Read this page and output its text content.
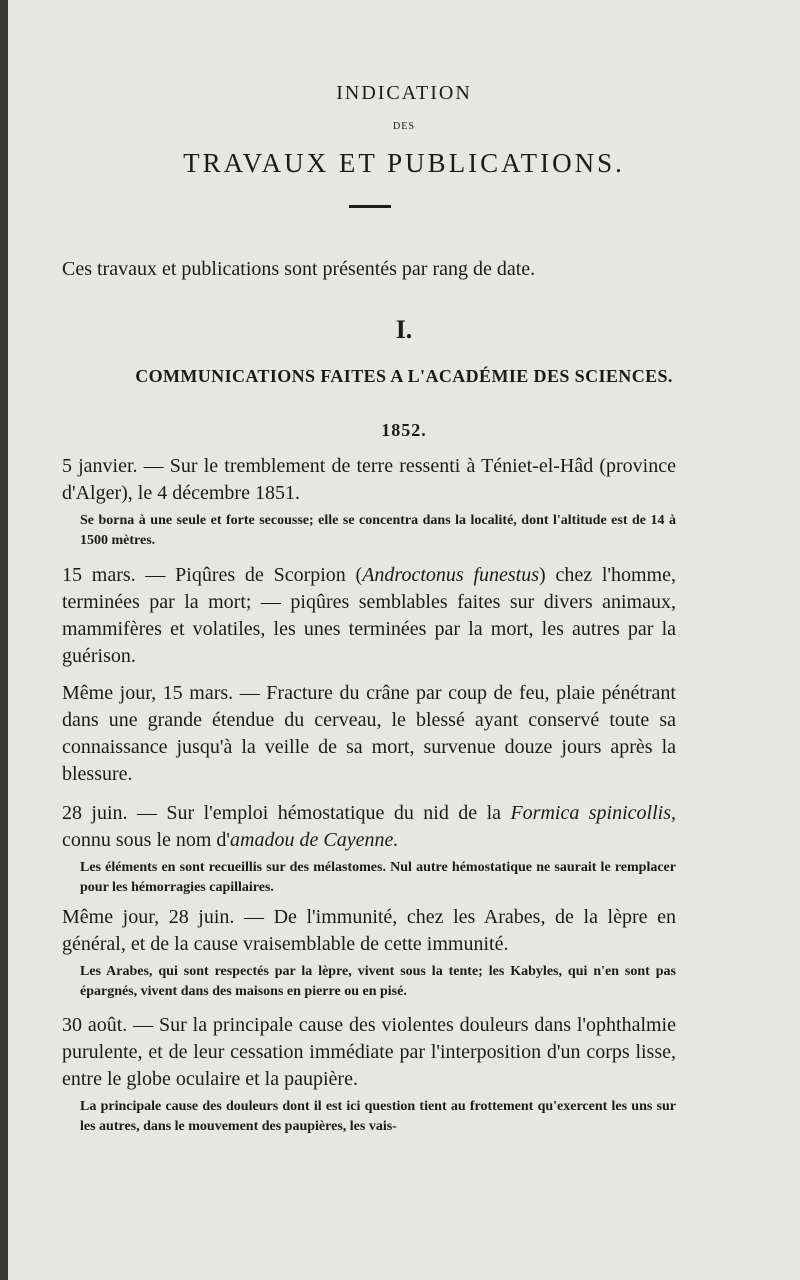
INDICATION
DES
TRAVAUX ET PUBLICATIONS.
Ces travaux et publications sont présentés par rang de date.
I.
COMMUNICATIONS FAITES A L'ACADÉMIE DES SCIENCES.
1852.
5 janvier. — Sur le tremblement de terre ressenti à Téniet-el-Hâd (province d'Alger), le 4 décembre 1851.
Se borna à une seule et forte secousse; elle se concentra dans la localité, dont l'altitude est de 14 à 1500 mètres.
15 mars. — Piqûres de Scorpion (Androctonus funestus) chez l'homme, terminées par la mort; — piqûres semblables faites sur divers animaux, mammifères et volatiles, les unes terminées par la mort, les autres par la guérison.
Même jour, 15 mars. — Fracture du crâne par coup de feu, plaie pénétrant dans une grande étendue du cerveau, le blessé ayant conservé toute sa connaissance jusqu'à la veille de sa mort, survenue douze jours après la blessure.
28 juin. — Sur l'emploi hémostatique du nid de la Formica spinicollis, connu sous le nom d'amadou de Cayenne.
Les éléments en sont recueillis sur des mélastomes. Nul autre hémostatique ne saurait le remplacer pour les hémorragies capillaires.
Même jour, 28 juin. — De l'immunité, chez les Arabes, de la lèpre en général, et de la cause vraisemblable de cette immunité.
Les Arabes, qui sont respectés par la lèpre, vivent sous la tente; les Kabyles, qui n'en sont pas épargnés, vivent dans des maisons en pierre ou en pisé.
30 août. — Sur la principale cause des violentes douleurs dans l'ophthalmie purulente, et de leur cessation immédiate par l'interposition d'un corps lisse, entre le globe oculaire et la paupière.
La principale cause des douleurs dont il est ici question tient au frottement qu'exercent les uns sur les autres, dans le mouvement des paupières, les vais-
